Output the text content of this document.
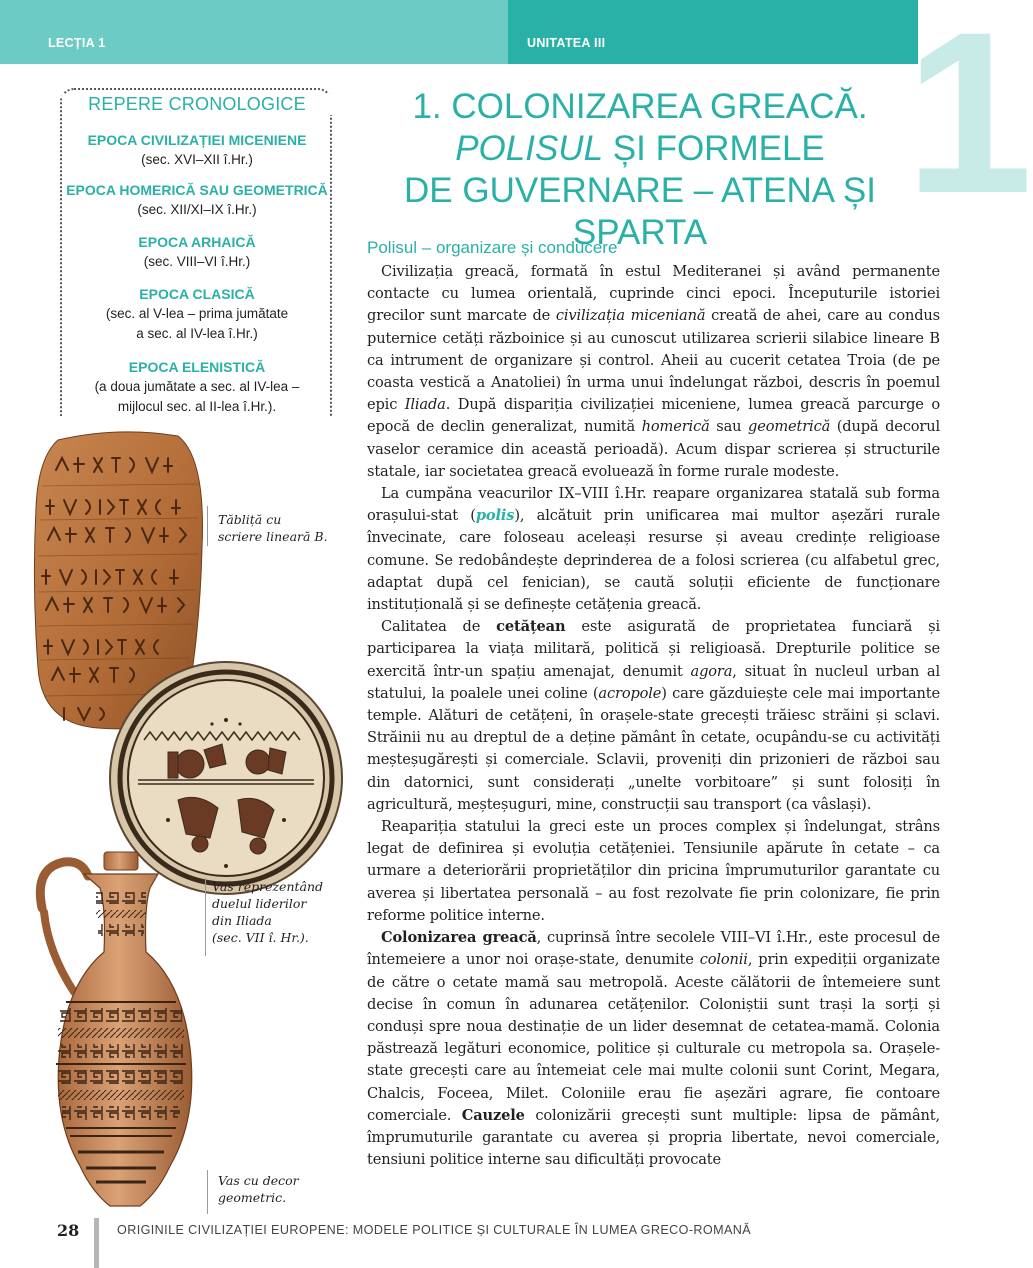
LECȚIA 1	UNITATEA III 1
REPERE CRONOLOGICE
EPOCA CIVILIZAȚIEI MICENIENE
(sec. XVI–XII î.Hr.)
EPOCA HOMERICĂ SAU GEOMETRICĂ
(sec. XII/XI–IX î.Hr.)
EPOCA ARHAICĂ
(sec. VIII–VI î.Hr.)
EPOCA CLASICĂ
(sec. al V-lea – prima jumătate
a sec. al IV-lea î.Hr.)
EPOCA ELENISTICĂ
(a doua jumătate a sec. al IV-lea –
mijlocul sec. al II-lea î.Hr.).
1. COLONIZAREA GREACĂ.
POLISUL ȘI FORMELE
DE GUVERNARE – ATENA ȘI SPARTA
Polisul – organizare și conducere

Civilizația greacă, formată în estul Mediteranei și având permanente contacte cu lumea orientală, cuprinde cinci epoci. Începuturile istoriei grecilor sunt marcate de civilizația miceniană creată de ahei, care au condus puternice cetăți războinice și au cunoscut utilizarea scrierii silabice lineare B ca intrument de organizare și control. Aheii au cucerit cetatea Troia (de pe coasta vestică a Anatoliei) în urma unui îndelungat război, descris în poemul epic Iliada. După dispariția civilizației miceniene, lumea greacă parcurge o epocă de declin generalizat, numită homerică sau geometrică (după decorul vaselor ceramice din această perioadă). Acum dispar scrierea și structurile statale, iar societatea greacă evoluează în forme rurale modeste.

La cumpăna veacurilor IX–VIII î.Hr. reapare organizarea statală sub forma orașului-stat (polis), alcătuit prin unificarea mai multor așezări rurale învecinate, care foloseau aceleași resurse și aveau credințe religioase comune. Se redobândește deprinderea de a folosi scrierea (cu alfabetul grec, adaptat după cel fenician), se caută soluții eficiente de funcționare instituțională și se definește cetățenia greacă.

Calitatea de cetățean este asigurată de proprietatea funciară și participarea la viața militară, politică și religioasă. Drepturile politice se exercită într-un spațiu amenajat, denumit agora, situat în nucleul urban al statului, la poalele unei coline (acropole) care găzduiește cele mai importante temple. Alături de cetățeni, în orașele-state grecești trăiesc străini și sclavi. Străinii nu au dreptul de a deține pământ în cetate, ocupându-se cu activități meșteșugărești și comerciale. Sclavii, proveniți din prizonieri de război sau din datornici, sunt considerați „unelte vorbitoare” și sunt folosiți în agricultură, meșteșuguri, mine, construcții sau transport (ca vâslași).

Reapariția statului la greci este un proces complex și îndelungat, strâns legat de definirea și evoluția cetățeniei. Tensiunile apărute în cetate – ca urmare a deteriorării proprietăților din pricina împrumuturilor garantate cu averea și libertatea personală – au fost rezolvate fie prin colonizare, fie prin reforme politice interne.

Colonizarea greacă, cuprinsă între secolele VIII–VI î.Hr., este procesul de întemeiere a unor noi orașe-state, denumite colonii, prin expediții organizate de către o cetate mamă sau metropolă. Aceste călătorii de întemeiere sunt decise în comun în adunarea cetățenilor. Coloniștii sunt trași la sorți și conduși spre noua destinație de un lider desemnat de cetatea-mamă. Colonia păstrează legături economice, politice și culturale cu metropola sa. Orașele-state grecești care au întemeiat cele mai multe colonii sunt Corint, Megara, Chalcis, Foceea, Milet. Coloniile erau fie așezări agrare, fie contoare comerciale. Cauzele colonizării grecești sunt multiple: lipsa de pământ, împrumuturile garantate cu averea și propria libertate, nevoi comerciale, tensiuni politice interne sau dificultăți provocate

Tăbliță cu
scriere lineară B.
Vas reprezentând
duelul liderilor
din Iliada
(sec. VII î. Hr.).
Vas cu decor
geometric.
28	ORIGINILE CIVILIZAȚIEI EUROPENE: MODELE POLITICE ȘI CULTURALE ÎN LUMEA GRECO-ROMANĂ
